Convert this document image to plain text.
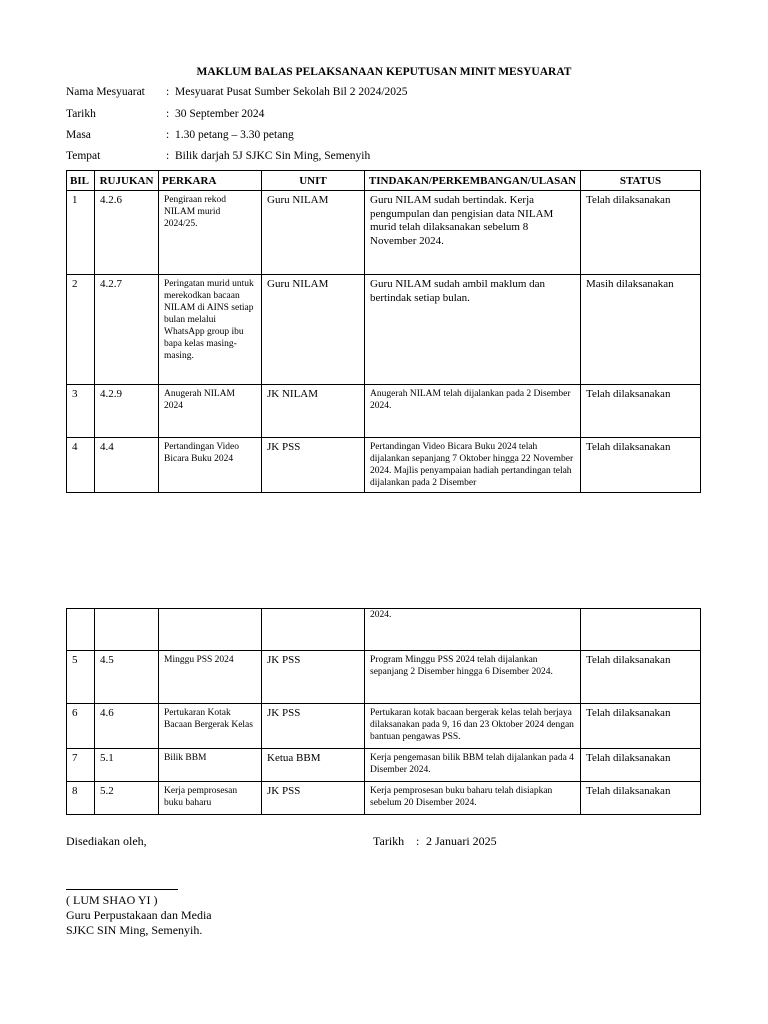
MAKLUM BALAS PELAKSANAAN KEPUTUSAN MINIT MESYUARAT
Nama Mesyuarat : Mesyuarat Pusat Sumber Sekolah Bil 2 2024/2025
Tarikh	: 30 September 2024
Masa	: 1.30 petang – 3.30 petang
Tempat	: Bilik darjah 5J SJKC Sin Ming, Semenyih
BIL	RUJUKAN	PERKARA	UNIT	TINDAKAN/PERKEMBANGAN/ULASAN	STATUS
1	4.2.6	Pengiraan rekod NILAM murid 2024/25.	Guru NILAM	Guru NILAM sudah bertindak. Kerja pengumpulan dan pengisian data NILAM murid telah dilaksanakan sebelum 8 November 2024.	Telah dilaksanakan
2	4.2.7	Peringatan murid untuk merekodkan bacaan NILAM di AINS setiap bulan melalui WhatsApp group ibu bapa kelas masing-masing.	Guru NILAM	Guru NILAM sudah ambil maklum dan bertindak setiap bulan.	Masih dilaksanakan
3	4.2.9	Anugerah NILAM 2024	JK NILAM	Anugerah NILAM telah dijalankan pada 2 Disember 2024.	Telah dilaksanakan
4	4.4	Pertandingan Video Bicara Buku 2024	JK PSS	Pertandingan Video Bicara Buku 2024 telah dijalankan sepanjang 7 Oktober hingga 22 November 2024. Majlis penyampaian hadiah pertandingan telah dijalankan pada 2 Disember	Telah dilaksanakan
				2024.	
5	4.5	Minggu PSS 2024	JK PSS	Program Minggu PSS 2024 telah dijalankan sepanjang 2 Disember hingga 6 Disember 2024.	Telah dilaksanakan
6	4.6	Pertukaran Kotak Bacaan Bergerak Kelas	JK PSS	Pertukaran kotak bacaan bergerak kelas telah berjaya dilaksanakan pada 9, 16 dan 23 Oktober 2024 dengan bantuan pengawas PSS.	Telah dilaksanakan
7	5.1	Bilik BBM	Ketua BBM	Kerja pengemasan bilik BBM telah dijalankan pada 4 Disember 2024.	Telah dilaksanakan
8	5.2	Kerja pemprosesan buku baharu	JK PSS	Kerja pemprosesan buku baharu telah disiapkan sebelum 20 Disember 2024.	Telah dilaksanakan
Disediakan oleh,	Tarikh : 2 Januari 2025
( LUM SHAO YI )
Guru Perpustakaan dan Media
SJKC SIN Ming, Semenyih.
